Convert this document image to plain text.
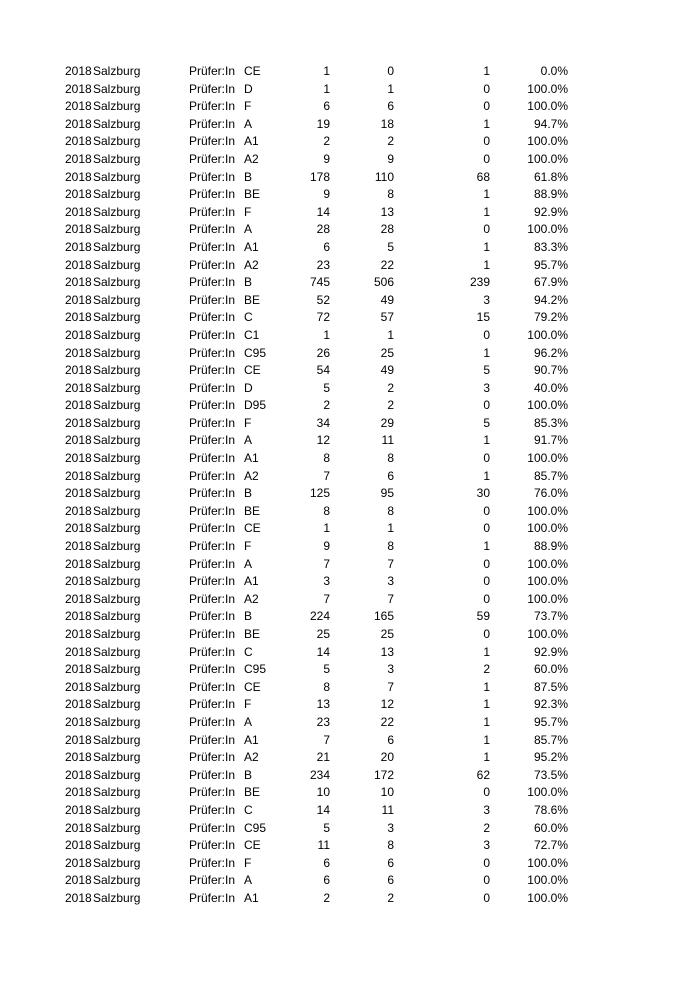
2018 Salzburg	Prüfer:In CE	1	0	1	0.0%
2018 Salzburg	Prüfer:In D	1	1	0	100.0%
2018 Salzburg	Prüfer:In F	6	6	0	100.0%
2018 Salzburg	Prüfer:In A	19	18	1	94.7%
2018 Salzburg	Prüfer:In A1	2	2	0	100.0%
2018 Salzburg	Prüfer:In A2	9	9	0	100.0%
2018 Salzburg	Prüfer:In B	178	110	68	61.8%
2018 Salzburg	Prüfer:In BE	9	8	1	88.9%
2018 Salzburg	Prüfer:In F	14	13	1	92.9%
2018 Salzburg	Prüfer:In A	28	28	0	100.0%
2018 Salzburg	Prüfer:In A1	6	5	1	83.3%
2018 Salzburg	Prüfer:In A2	23	22	1	95.7%
2018 Salzburg	Prüfer:In B	745	506	239	67.9%
2018 Salzburg	Prüfer:In BE	52	49	3	94.2%
2018 Salzburg	Prüfer:In C	72	57	15	79.2%
2018 Salzburg	Prüfer:In C1	1	1	0	100.0%
2018 Salzburg	Prüfer:In C95	26	25	1	96.2%
2018 Salzburg	Prüfer:In CE	54	49	5	90.7%
2018 Salzburg	Prüfer:In D	5	2	3	40.0%
2018 Salzburg	Prüfer:In D95	2	2	0	100.0%
2018 Salzburg	Prüfer:In F	34	29	5	85.3%
2018 Salzburg	Prüfer:In A	12	11	1	91.7%
2018 Salzburg	Prüfer:In A1	8	8	0	100.0%
2018 Salzburg	Prüfer:In A2	7	6	1	85.7%
2018 Salzburg	Prüfer:In B	125	95	30	76.0%
2018 Salzburg	Prüfer:In BE	8	8	0	100.0%
2018 Salzburg	Prüfer:In CE	1	1	0	100.0%
2018 Salzburg	Prüfer:In F	9	8	1	88.9%
2018 Salzburg	Prüfer:In A	7	7	0	100.0%
2018 Salzburg	Prüfer:In A1	3	3	0	100.0%
2018 Salzburg	Prüfer:In A2	7	7	0	100.0%
2018 Salzburg	Prüfer:In B	224	165	59	73.7%
2018 Salzburg	Prüfer:In BE	25	25	0	100.0%
2018 Salzburg	Prüfer:In C	14	13	1	92.9%
2018 Salzburg	Prüfer:In C95	5	3	2	60.0%
2018 Salzburg	Prüfer:In CE	8	7	1	87.5%
2018 Salzburg	Prüfer:In F	13	12	1	92.3%
2018 Salzburg	Prüfer:In A	23	22	1	95.7%
2018 Salzburg	Prüfer:In A1	7	6	1	85.7%
2018 Salzburg	Prüfer:In A2	21	20	1	95.2%
2018 Salzburg	Prüfer:In B	234	172	62	73.5%
2018 Salzburg	Prüfer:In BE	10	10	0	100.0%
2018 Salzburg	Prüfer:In C	14	11	3	78.6%
2018 Salzburg	Prüfer:In C95	5	3	2	60.0%
2018 Salzburg	Prüfer:In CE	11	8	3	72.7%
2018 Salzburg	Prüfer:In F	6	6	0	100.0%
2018 Salzburg	Prüfer:In A	6	6	0	100.0%
2018 Salzburg	Prüfer:In A1	2	2	0	100.0%
